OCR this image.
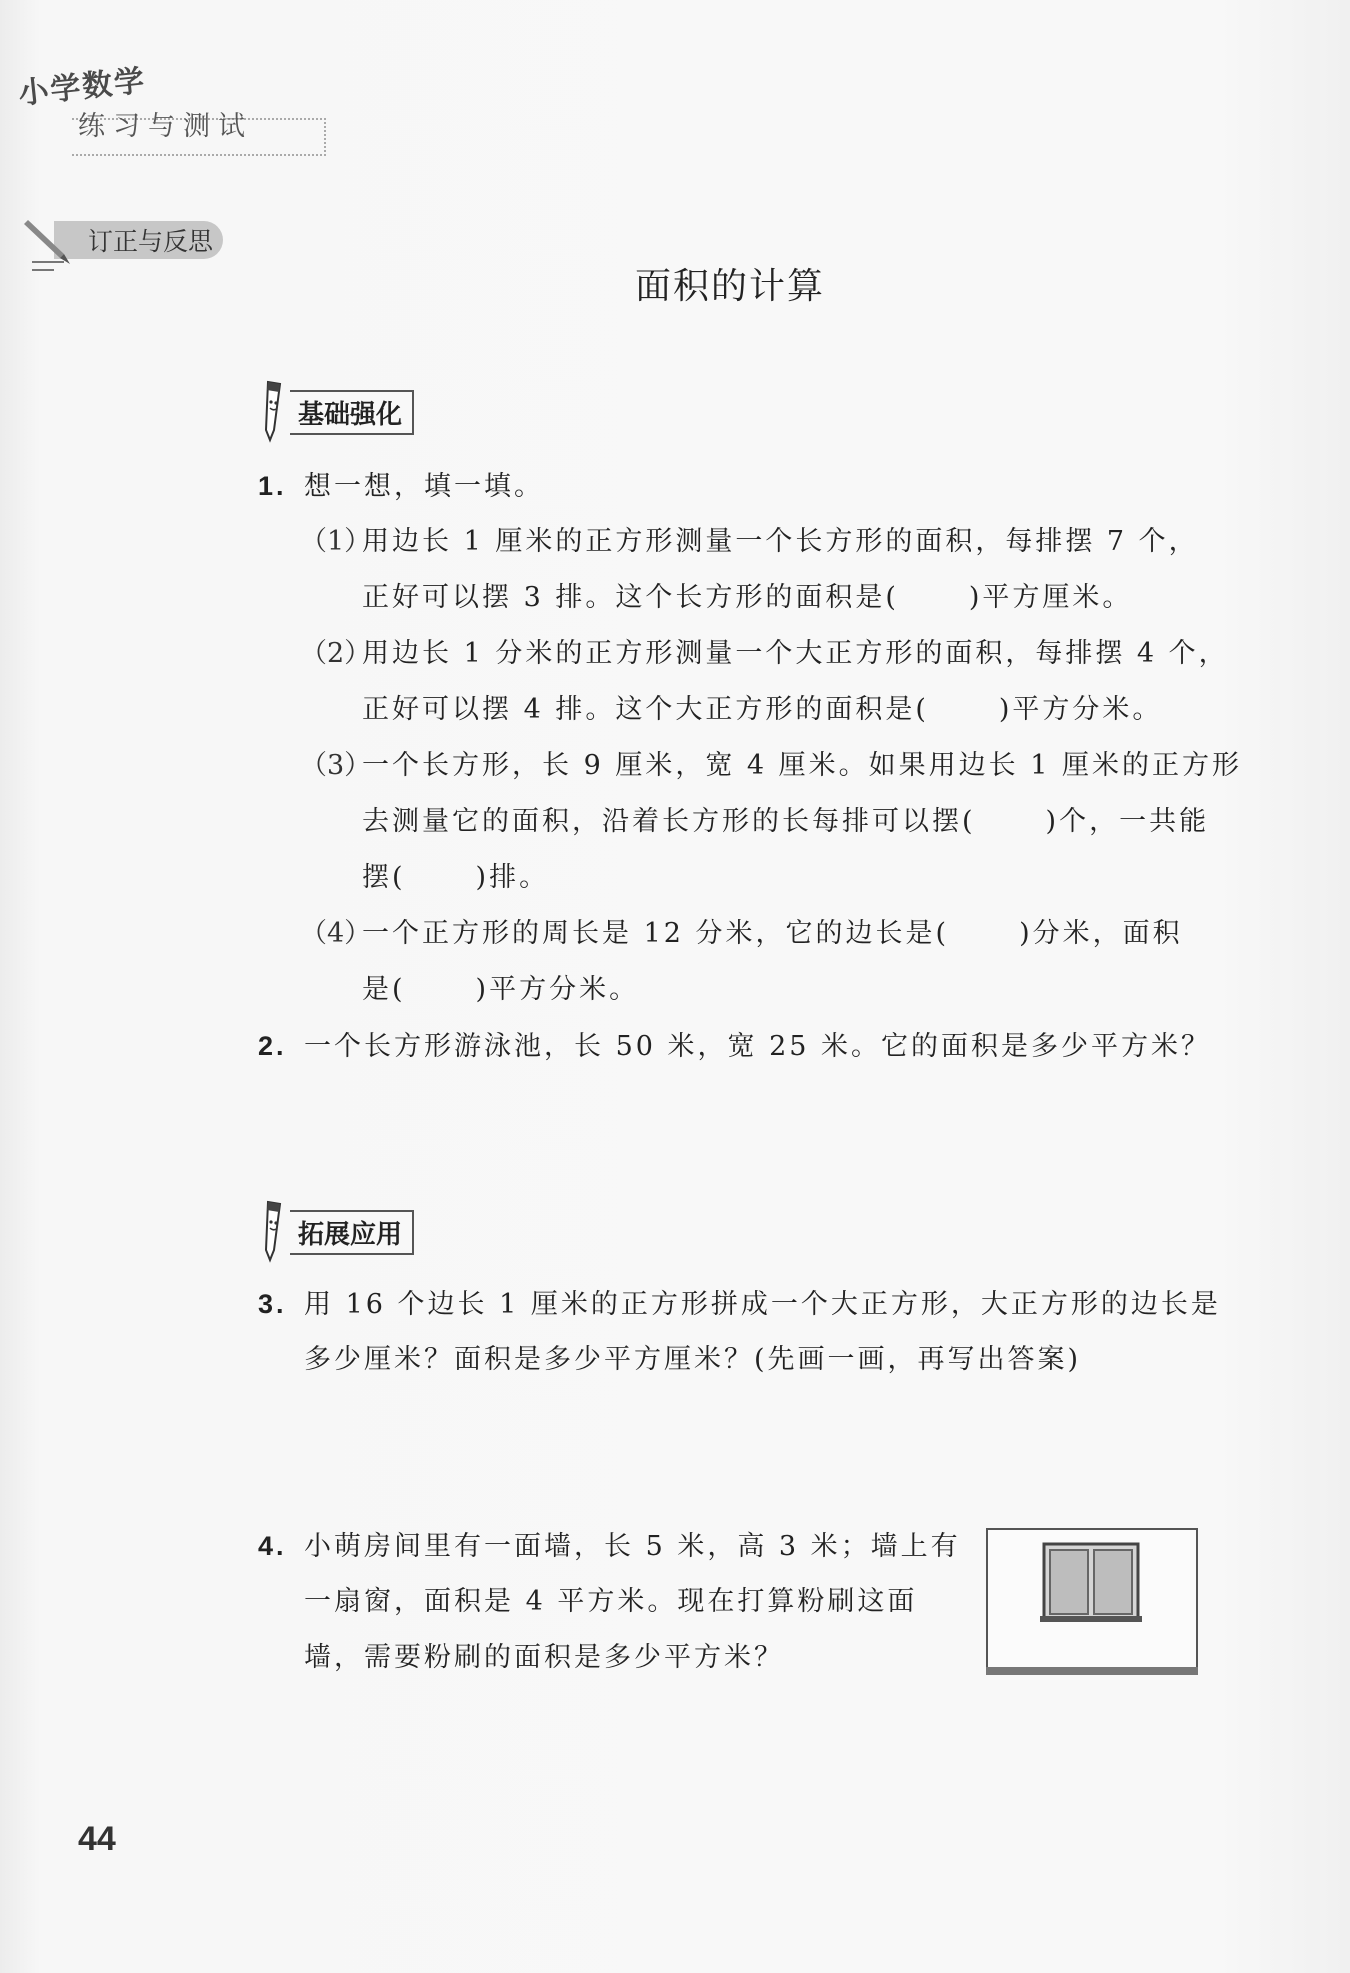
小学数学
练习与测试
订正与反思
面积的计算
基础强化
1. 想一想，填一填。
（1）用边长 1 厘米的正方形测量一个长方形的面积，每排摆 7 个，
正好可以摆 3 排。这个长方形的面积是(	)平方厘米。
（2）用边长 1 分米的正方形测量一个大正方形的面积，每排摆 4 个，
正好可以摆 4 排。这个大正方形的面积是(	)平方分米。
（3）一个长方形，长 9 厘米，宽 4 厘米。如果用边长 1 厘米的正方形
去测量它的面积，沿着长方形的长每排可以摆(	)个，一共能
摆(	)排。
（4）一个正方形的周长是 12 分米，它的边长是(	)分米，面积
是(	)平方分米。
2. 一个长方形游泳池，长 50 米，宽 25 米。它的面积是多少平方米？
拓展应用
3. 用 16 个边长 1 厘米的正方形拼成一个大正方形，大正方形的边长是
多少厘米？面积是多少平方厘米？(先画一画，再写出答案)
4. 小萌房间里有一面墙，长 5 米，高 3 米；墙上有
一扇窗，面积是 4 平方米。现在打算粉刷这面
墙，需要粉刷的面积是多少平方米？
44
